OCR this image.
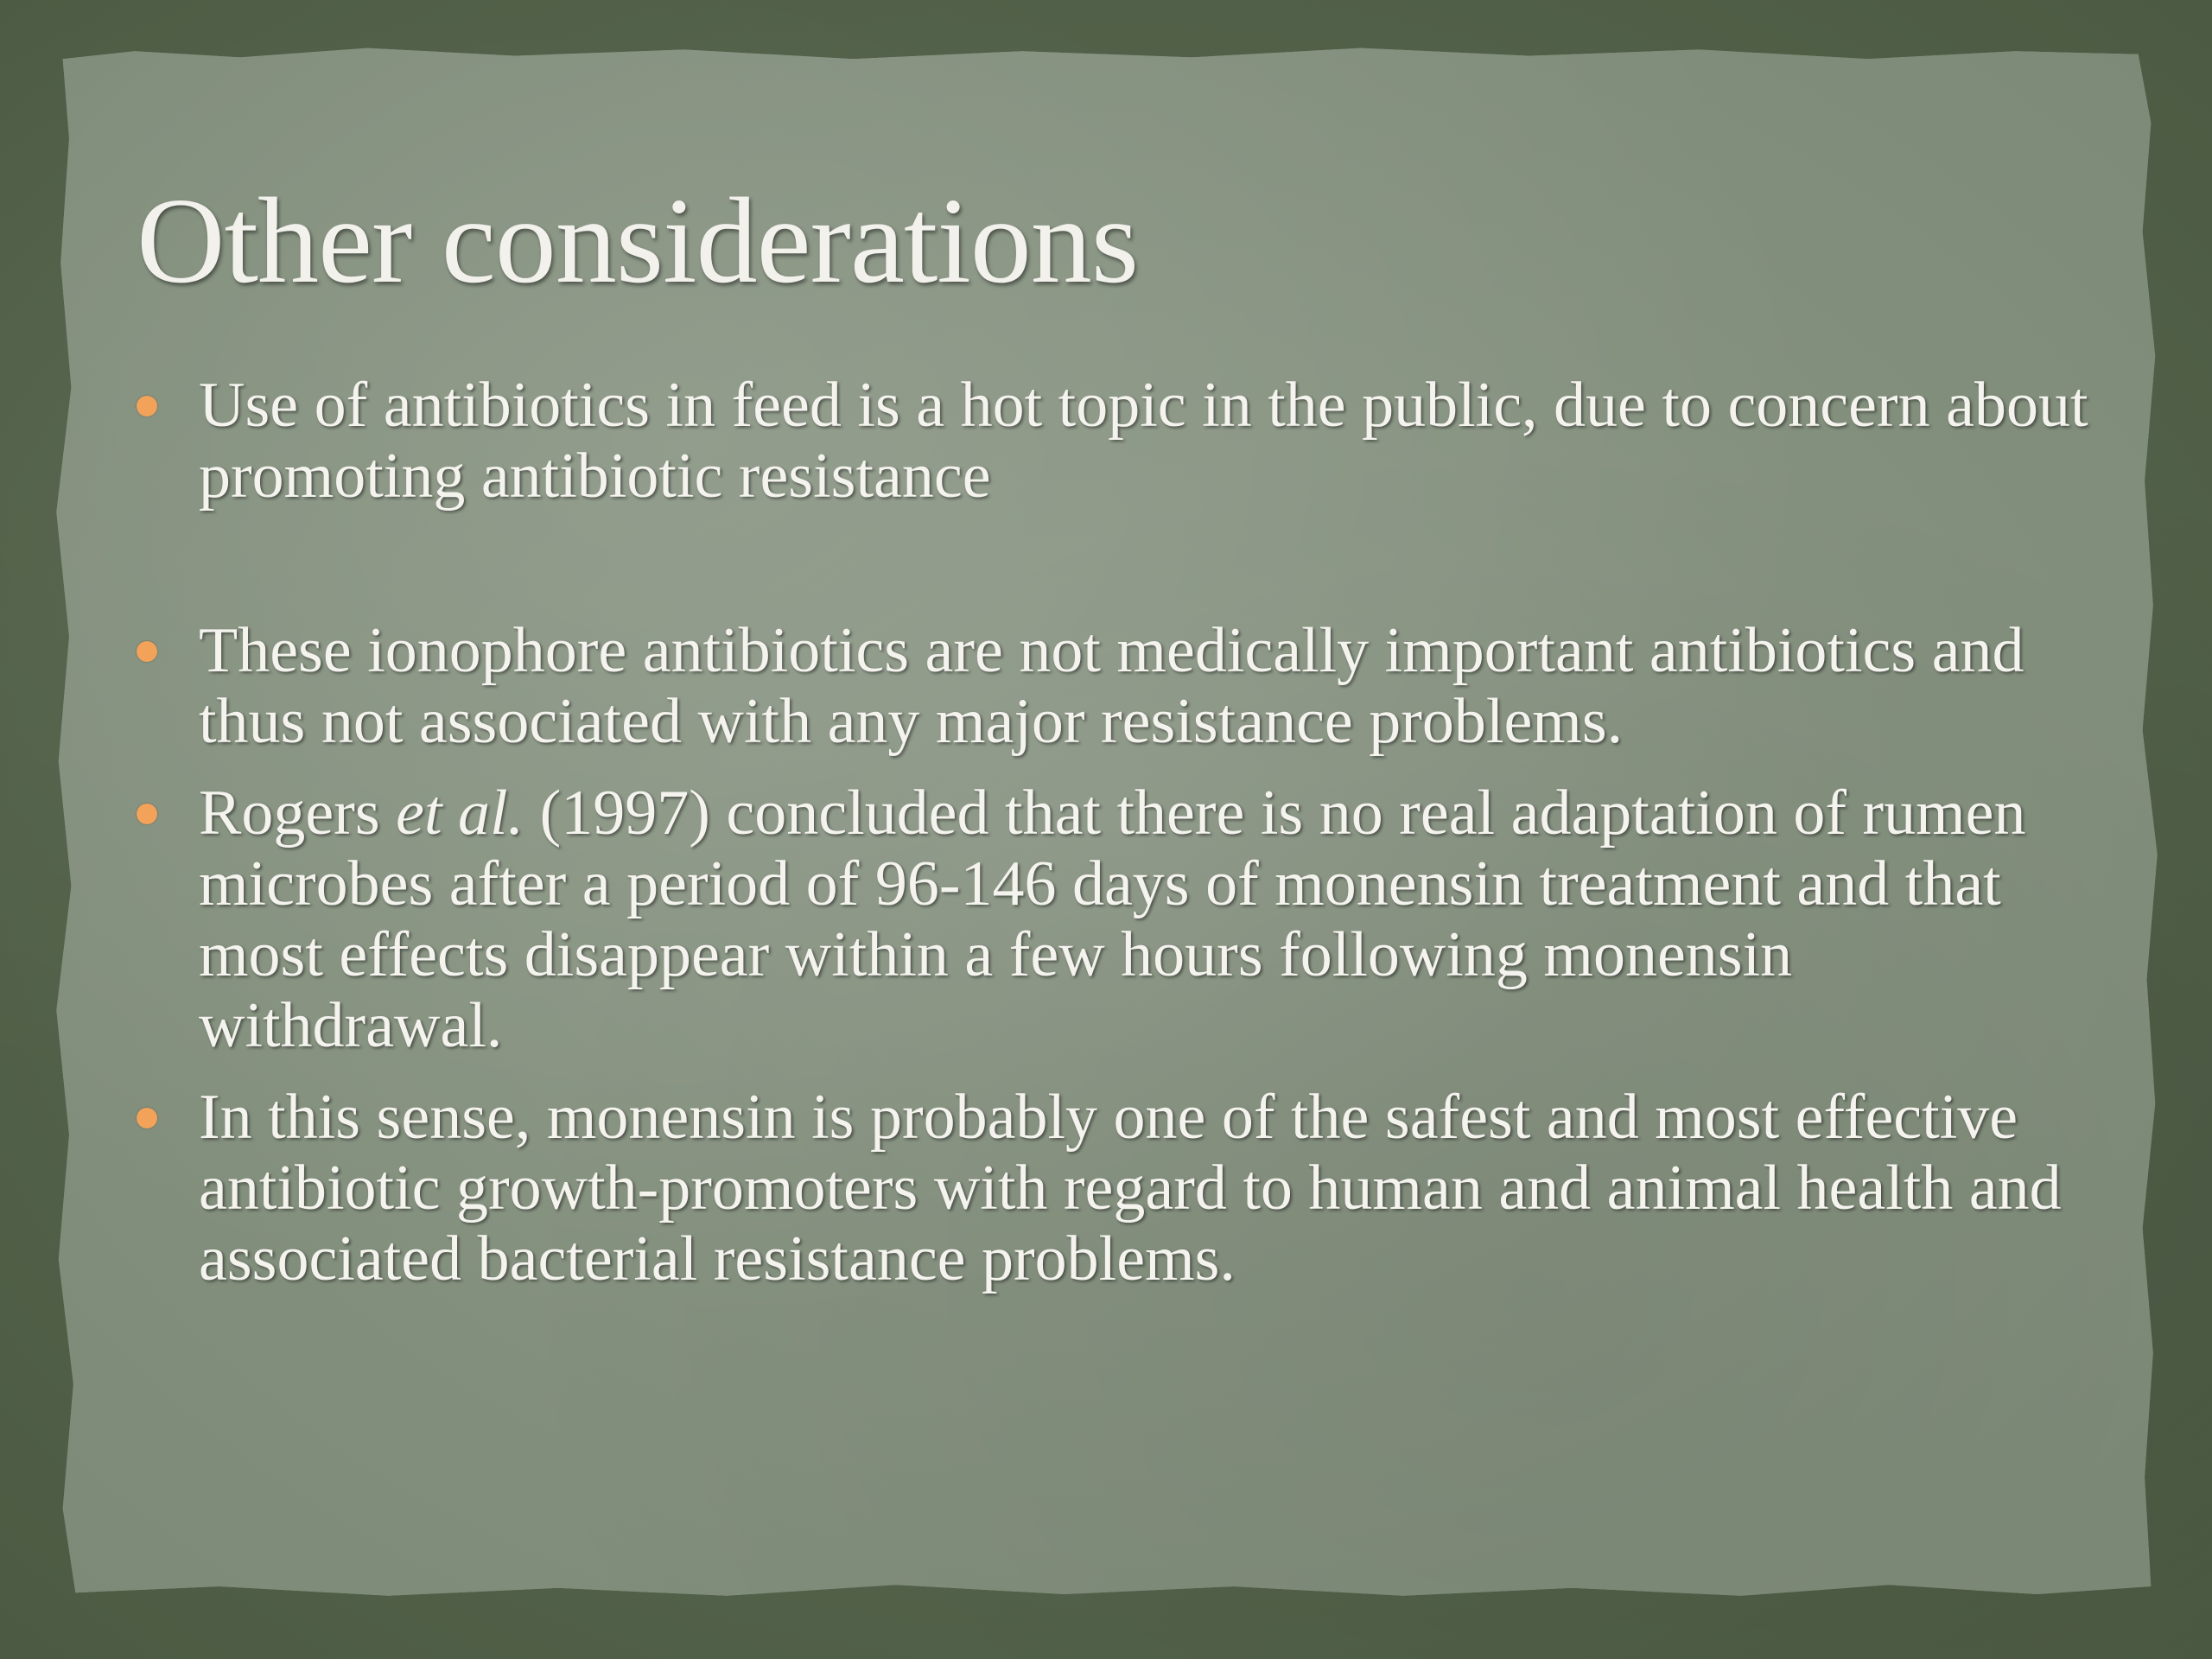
Other considerations
Use of antibiotics in feed is a hot topic in the public, due to concern about promoting antibiotic resistance
These ionophore antibiotics are not medically important antibiotics and thus not associated with any major resistance problems.
Rogers et al. (1997) concluded that there is no real adaptation of rumen microbes after a period of 96-146 days of monensin treatment and that most effects disappear within a few hours following monensin withdrawal.
In this sense, monensin is probably one of the safest and most effective antibiotic growth-promoters with regard to human and animal health and associated bacterial resistance problems.
